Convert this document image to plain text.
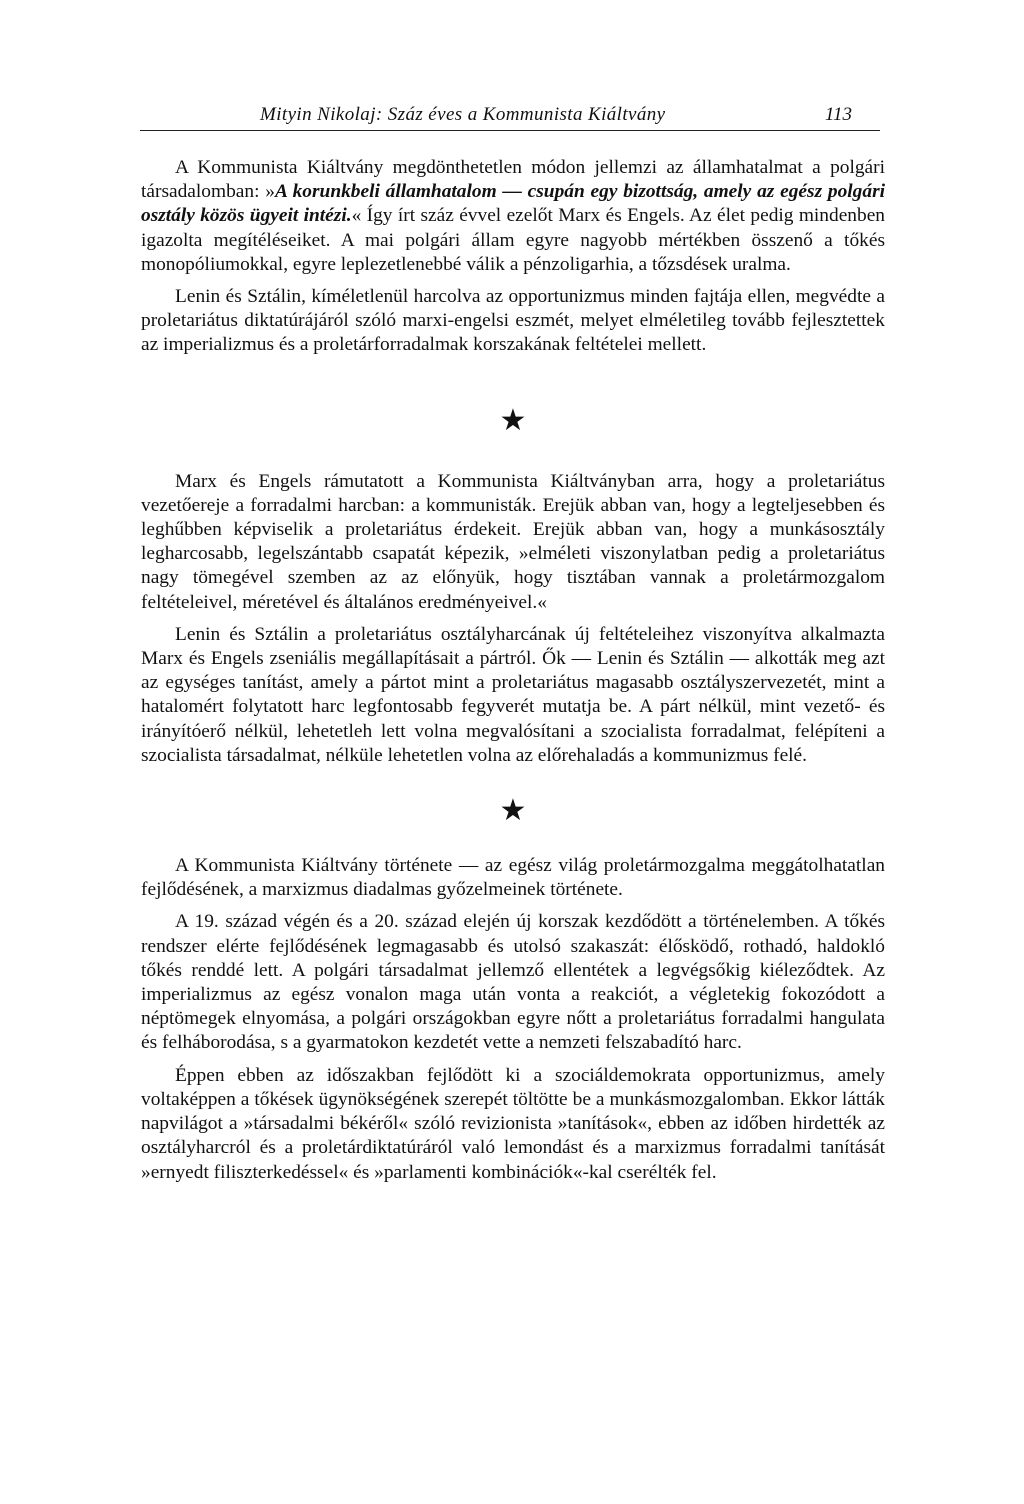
Mityin Nikolaj: Száz éves a Kommunista Kiáltvány	113

A Kommunista Kiáltvány megdönthetetlen módon jellemzi az államhatalmat a polgári társadalomban: »A korunkbeli államhatalom — csupán egy bizottság, amely az egész polgári osztály közös ügyeit intézi.« Így írt száz évvel ezelőt Marx és Engels. Az élet pedig mindenben igazolta megítéléseiket. A mai polgári állam egyre nagyobb mértékben összenő a tőkés monopóliumokkal, egyre leplezetlenebbé válik a pénzoligarhia, a tőzsdések uralma.

Lenin és Sztálin, kíméletlenül harcolva az opportunizmus minden fajtája ellen, megvédte a proletariátus diktatúrájáról szóló marxi-engelsi eszmét, melyet elméletileg tovább fejlesztettek az imperializmus és a proletárforradalmak korszakának feltételei mellett.

★

Marx és Engels rámutatott a Kommunista Kiáltványban arra, hogy a proletariátus vezetőereje a forradalmi harcban: a kommunisták. Erejük abban van, hogy a legteljesebben és leghűbben képviselik a proletariátus érdekeit. Erejük abban van, hogy a munkásosztály legharcosabb, legelszántabb csapatát képezik, »elméleti viszonylatban pedig a proletariátus nagy tömegével szemben az az előnyük, hogy tisztában vannak a proletármozgalom feltételeivel, méretével és általános eredményeivel.«

Lenin és Sztálin a proletariátus osztályharcának új feltételeihez viszonyítva alkalmazta Marx és Engels zseniális megállapításait a pártról. Ők — Lenin és Sztálin — alkották meg azt az egységes tanítást, amely a pártot mint a proletariátus magasabb osztályszervezetét, mint a hatalomért folytatott harc legfontosabb fegyverét mutatja be. A párt nélkül, mint vezető- és irányítóerő nélkül, lehetetleh lett volna megvalósítani a szocialista forradalmat, felépíteni a szocialista társadalmat, nélküle lehetetlen volna az előrehaladás a kommunizmus felé.

★

A Kommunista Kiáltvány története — az egész világ proletármozgalma meggátolhatatlan fejlődésének, a marxizmus diadalmas győzelmeinek története.

A 19. század végén és a 20. század elején új korszak kezdődött a történelemben. A tőkés rendszer elérte fejlődésének legmagasabb és utolsó szakaszát: élősködő, rothadó, haldokló tőkés renddé lett. A polgári társadalmat jellemző ellentétek a legvégsőkig kiéleződtek. Az imperializmus az egész vonalon maga után vonta a reakciót, a végletekig fokozódott a néptömegek elnyomása, a polgári országokban egyre nőtt a proletariátus forradalmi hangulata és felháborodása, s a gyarmatokon kezdetét vette a nemzeti felszabadító harc.

Éppen ebben az időszakban fejlődött ki a szociáldemokrata opportunizmus, amely voltaképpen a tőkések ügynökségének szerepét töltötte be a munkásmozgalomban. Ekkor látták napvilágot a »társadalmi békéről« szóló revizionista »tanítások«, ebben az időben hirdették az osztályharcról és a proletárdiktatúráról való lemondást és a marxizmus forradalmi tanítását »ernyedt filiszterkedéssel« és »parlamenti kombinációk«-kal cserélték fel.
